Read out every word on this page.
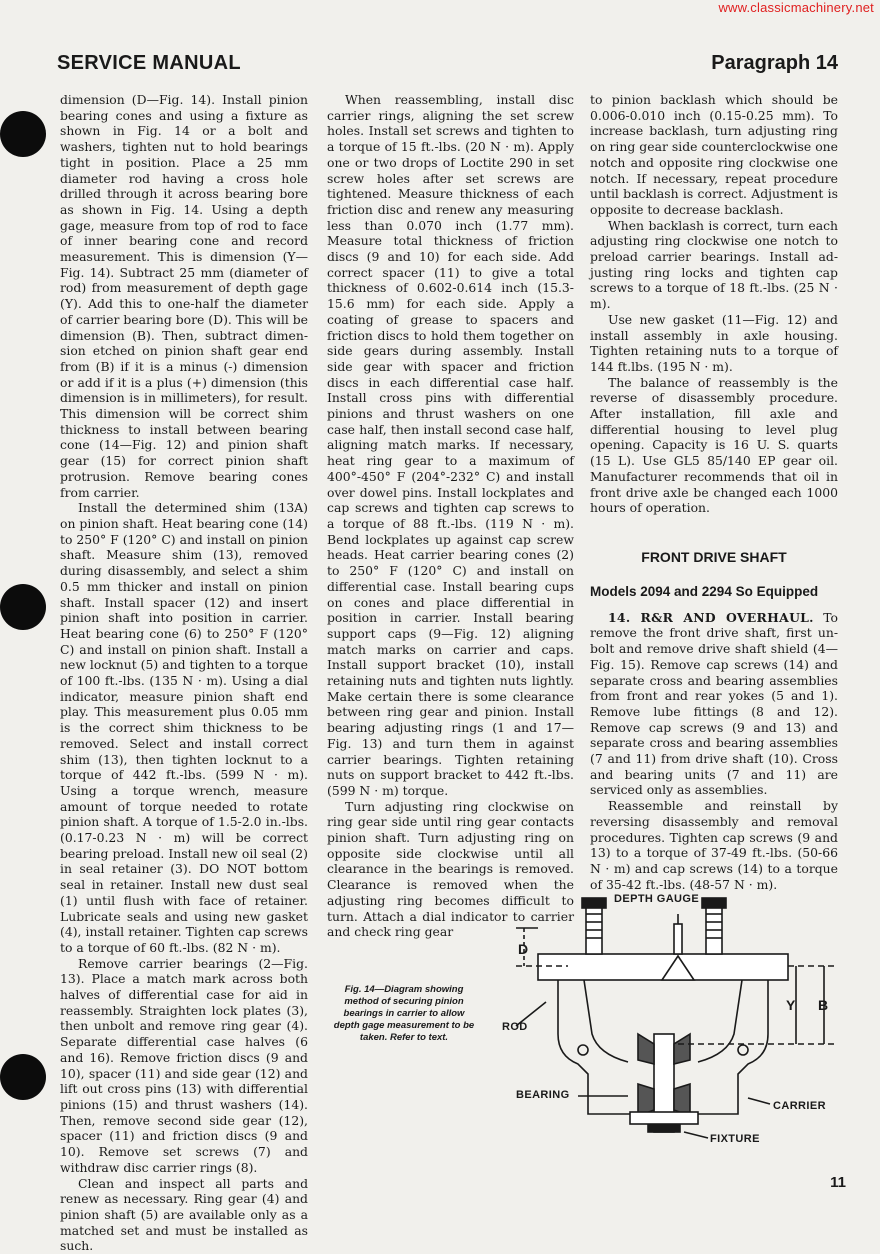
www.classicmachinery.net
SERVICE MANUAL	Paragraph 14

dimension (D—Fig. 14). Install pinion bearing cones and using a fixture as shown in Fig. 14 or a bolt and washers, tighten nut to hold bearings tight in position. Place a 25 mm diameter rod having a cross hole drilled through it across bearing bore as shown in Fig. 14. Using a depth gage, measure from top of rod to face of inner bearing cone and record measurement. This is dimension (Y—Fig. 14). Subtract 25 mm (diameter of rod) from measurement of depth gage (Y). Add this to one-half the diameter of carrier bearing bore (D). This will be dimension (B). Then, subtract dimension etched on pinion shaft gear end from (B) if it is a minus (-) dimension or add if it is a plus (+) dimension (this dimension is in millimeters), for result. This dimension will be correct shim thickness to install between bearing cone (14—Fig. 12) and pinion shaft gear (15) for correct pinion shaft protrusion. Remove bearing cones from carrier.

Install the determined shim (13A) on pinion shaft. Heat bearing cone (14) to 250° F (120° C) and install on pinion shaft. Measure shim (13), removed during disassembly, and select a shim 0.5 mm thicker and install on pinion shaft. Install spacer (12) and insert pinion shaft into position in carrier. Heat bearing cone (6) to 250° F (120° C) and install on pinion shaft. Install a new locknut (5) and tighten to a torque of 100 ft.-lbs. (135 N · m). Using a dial indicator, measure pinion shaft end play. This measurement plus 0.05 mm is the correct shim thickness to be removed. Select and install correct shim (13), then tighten locknut to a torque of 442 ft.-lbs. (599 N · m). Using a torque wrench, measure amount of torque needed to rotate pinion shaft. A torque of 1.5-2.0 in.-lbs. (0.17-0.23 N · m) will be correct bearing preload. Install new oil seal (2) in seal retainer (3). DO NOT bottom seal in retainer. Install new dust seal (1) until flush with face of retainer. Lubricate seals and using new gasket (4), install retainer. Tighten cap screws to a torque of 60 ft.-lbs. (82 N · m).

Remove carrier bearings (2—Fig. 13). Place a match mark across both halves of differential case for aid in reassembly. Straighten lock plates (3), then unbolt and remove ring gear (4). Separate differential case halves (6 and 16). Remove friction discs (9 and 10), spacer (11) and side gear (12) and lift out cross pins (13) with differential pinions (15) and thrust washers (14). Then, remove second side gear (12), spacer (11) and friction discs (9 and 10). Remove set screws (7) and withdraw disc carrier rings (8).

Clean and inspect all parts and renew as necessary. Ring gear (4) and pinion shaft (5) are available only as a matched set and must be installed as such.

When reassembling, install disc carrier rings, aligning the set screw holes. Install set screws and tighten to a torque of 15 ft.-lbs. (20 N · m). Apply one or two drops of Loctite 290 in set screw holes after set screws are tightened. Measure thickness of each friction disc and renew any measuring less than 0.070 inch (1.77 mm). Measure total thickness of friction discs (9 and 10) for each side. Add correct spacer (11) to give a total thickness of 0.602-0.614 inch (15.3-15.6 mm) for each side. Apply a coating of grease to spacers and friction discs to hold them together on side gears during assembly. Install side gear with spacer and friction discs in each differential case half. Install cross pins with differential pinions and thrust washers on one case half, then install second case half, aligning match marks. If necessary, heat ring gear to a maximum of 400°-450° F (204°-232° C) and install over dowel pins. Install lockplates and cap screws and tighten cap screws to a torque of 88 ft.-lbs. (119 N · m). Bend lockplates up against cap screw heads. Heat carrier bearing cones (2) to 250° F (120° C) and install on differential case. Install bearing cups on cones and place differential in position in carrier. Install bearing support caps (9—Fig. 12) aligning match marks on carrier and caps. Install support bracket (10), install retaining nuts and tighten nuts lightly. Make certain there is some clearance between ring gear and pinion. Install bearing adjusting rings (1 and 17—Fig. 13) and turn them in against carrier bearings. Tighten retaining nuts on support bracket to 442 ft.-lbs. (599 N · m) torque.

Turn adjusting ring clockwise on ring gear side until ring gear contacts pinion shaft. Turn adjusting ring on opposite side clockwise until all clearance in the bearings is removed. Clearance is removed when the adjusting ring becomes difficult to turn. Attach a dial indicator to carrier and check ring gear

to pinion backlash which should be 0.006-0.010 inch (0.15-0.25 mm). To increase backlash, turn adjusting ring on ring gear side counterclockwise one notch and opposite ring clockwise one notch. If necessary, repeat procedure until backlash is correct. Adjustment is opposite to decrease backlash.

When backlash is correct, turn each adjusting ring clockwise one notch to preload carrier bearings. Install adjusting ring locks and tighten cap screws to a torque of 18 ft.-lbs. (25 N · m).

Use new gasket (11—Fig. 12) and install assembly in axle housing. Tighten retaining nuts to a torque of 144 ft.lbs. (195 N · m).

The balance of reassembly is the reverse of disassembly procedure. After installation, fill axle and differential housing to level plug opening. Capacity is 16 U. S. quarts (15 L). Use GL5 85/140 EP gear oil. Manufacturer recommends that oil in front drive axle be changed each 1000 hours of operation.

FRONT DRIVE SHAFT
Models 2094 and 2294 So Equipped

14. R&R AND OVERHAUL. To remove the front drive shaft, first unbolt and remove drive shaft shield (4—Fig. 15). Remove cap screws (14) and separate cross and bearing assemblies from front and rear yokes (5 and 1). Remove lube fittings (8 and 12). Remove cap screws (9 and 13) and separate cross and bearing assemblies (7 and 11) from drive shaft (10). Cross and bearing units (7 and 11) are serviced only as assemblies.

Reassemble and reinstall by reversing disassembly and removal procedures. Tighten cap screws (9 and 13) to a torque of 37-49 ft.-lbs. (50-66 N · m) and cap screws (14) to a torque of 35-42 ft.-lbs. (48-57 N · m).

Fig. 14—Diagram showing method of securing pinion bearings in carrier to allow depth gage measurement to be taken. Refer to text.
DEPTH GAUGE
D
Y B
ROD
BEARING
CARRIER
FIXTURE
11
